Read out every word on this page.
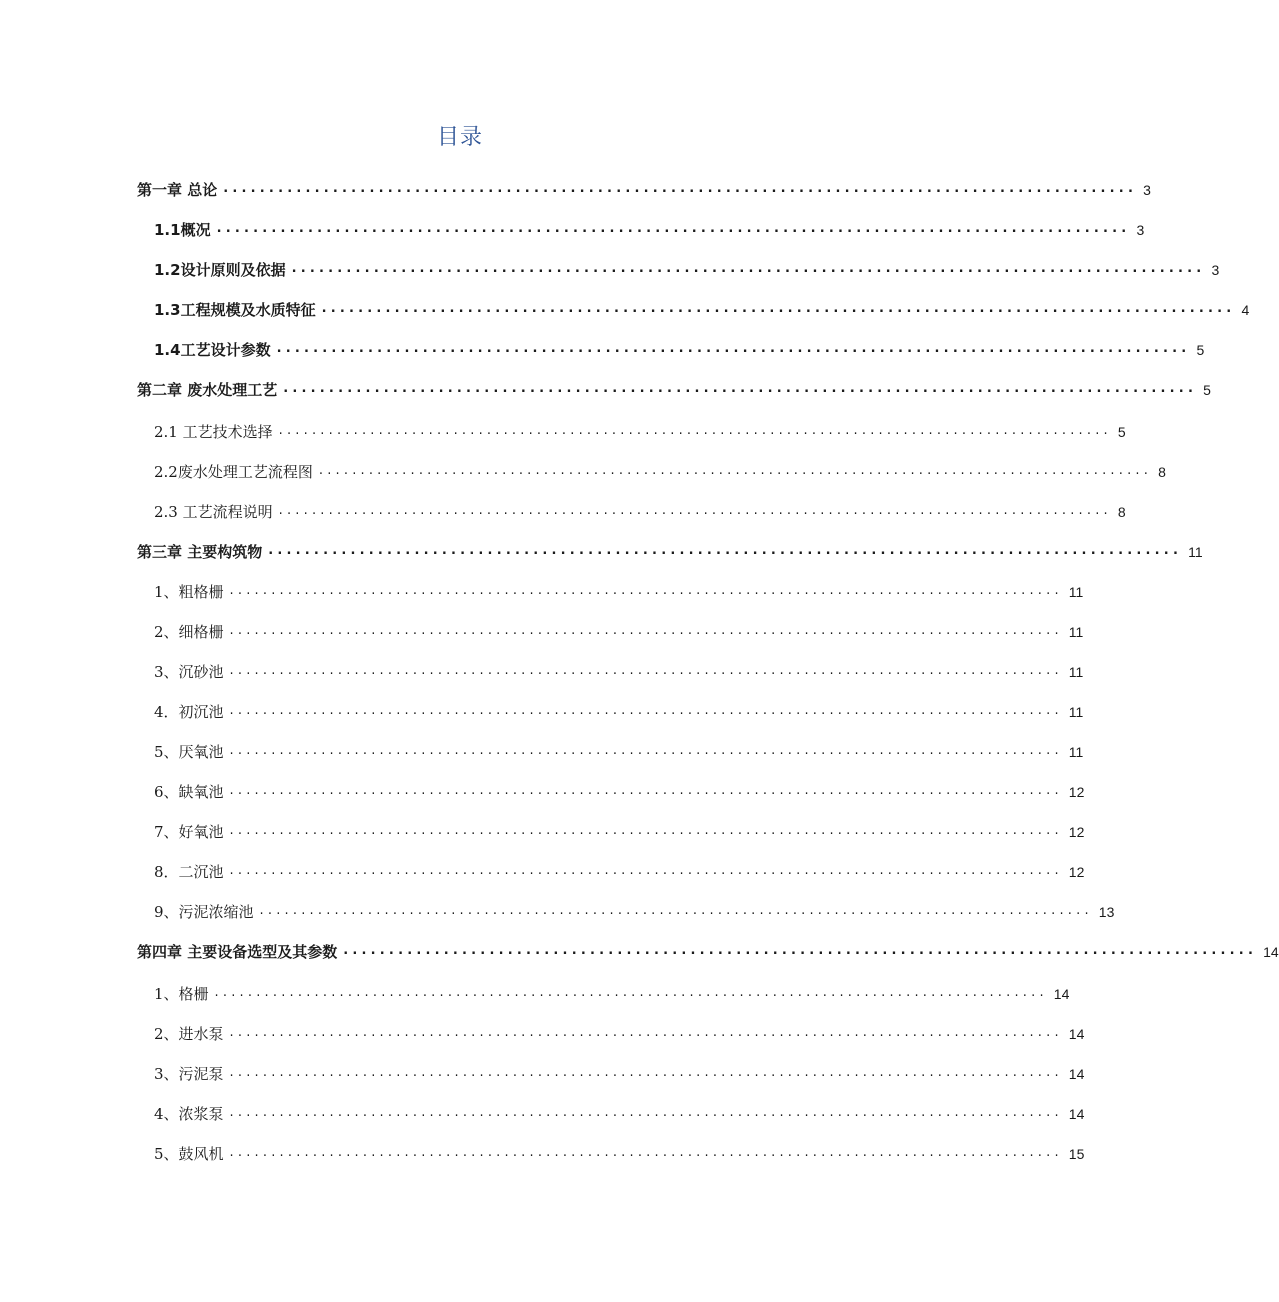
目录
第一章 总论 .................................................................................................... 3
1.1概况 .................................................................................................... 3
1.2设计原则及依据 .................................................................................................... 3
1.3工程规模及水质特征 .................................................................................................... 4
1.4工艺设计参数 .................................................................................................... 5
第二章 废水处理工艺 .................................................................................................... 5
2.1 工艺技术选择 .................................................................................................... 5
2.2废水处理工艺流程图 .................................................................................................... 8
2.3 工艺流程说明 .................................................................................................... 8
第三章 主要构筑物 .................................................................................................... 11
1、粗格栅 .................................................................................................... 11
2、细格栅 .................................................................................................... 11
3、沉砂池 .................................................................................................... 11
4．初沉池 .................................................................................................... 11
5、厌氧池 .................................................................................................... 11
6、缺氧池 .................................................................................................... 12
7、好氧池 .................................................................................................... 12
8．二沉池 .................................................................................................... 12
9、污泥浓缩池 .................................................................................................... 13
第四章 主要设备选型及其参数 .................................................................................................... 14
1、格栅 .................................................................................................... 14
2、进水泵 .................................................................................................... 14
3、污泥泵 .................................................................................................... 14
4、浓浆泵 .................................................................................................... 14
5、鼓风机 .................................................................................................... 15
